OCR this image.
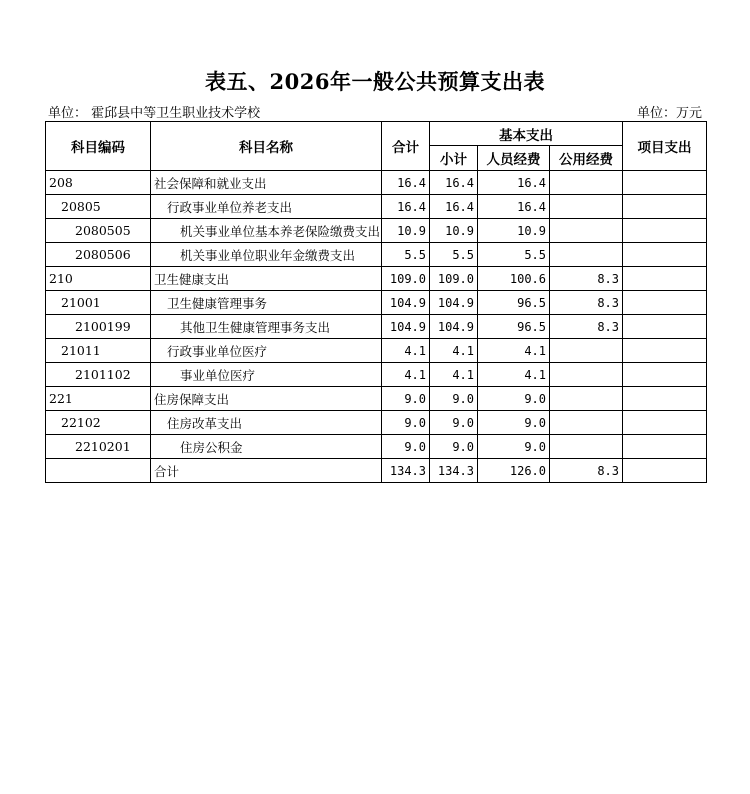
表五、2026年一般公共预算支出表
单位： 霍邱县中等卫生职业技术学校	单位：万元
科目编码	科目名称	合计	基本支出			项目支出
			小计	人员经费	公用经费	
208	社会保障和就业支出	16.4	16.4	16.4		
20805	行政事业单位养老支出	16.4	16.4	16.4		
2080505	机关事业单位基本养老保险缴费支出	10.9	10.9	10.9		
2080506	机关事业单位职业年金缴费支出	5.5	5.5	5.5		
210	卫生健康支出	109.0	109.0	100.6	8.3	
21001	卫生健康管理事务	104.9	104.9	96.5	8.3	
2100199	其他卫生健康管理事务支出	104.9	104.9	96.5	8.3	
21011	行政事业单位医疗	4.1	4.1	4.1		
2101102	事业单位医疗	4.1	4.1	4.1		
221	住房保障支出	9.0	9.0	9.0		
22102	住房改革支出	9.0	9.0	9.0		
2210201	住房公积金	9.0	9.0	9.0		
	合计	134.3	134.3	126.0	8.3	
